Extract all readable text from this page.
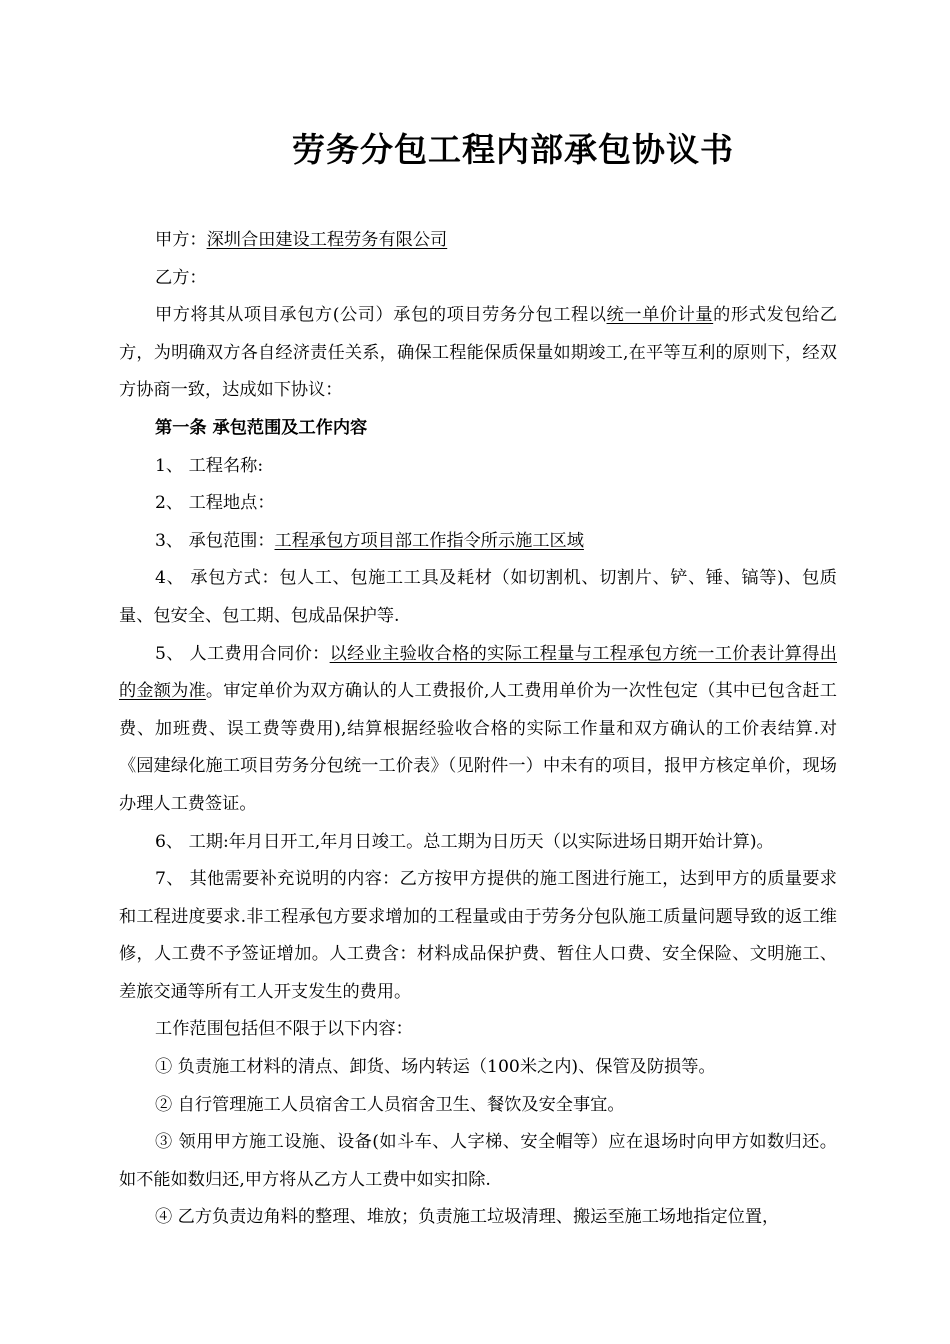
劳务分包工程内部承包协议书

甲方：深圳合田建设工程劳务有限公司

乙方：

甲方将其从项目承包方(公司）承包的项目劳务分包工程以统一单价计量的形式发包给乙方，为明确双方各自经济责任关系，确保工程能保质保量如期竣工,在平等互利的原则下，经双方协商一致，达成如下协议：

第一条 承包范围及工作内容

1、 工程名称:

2、 工程地点：

3、 承包范围：工程承包方项目部工作指令所示施工区域

4、 承包方式：包人工、包施工工具及耗材（如切割机、切割片、铲、锤、镐等)、包质量、包安全、包工期、包成品保护等.

5、 人工费用合同价：以经业主验收合格的实际工程量与工程承包方统一工价表计算得出的金额为准。审定单价为双方确认的人工费报价,人工费用单价为一次性包定（其中已包含赶工费、加班费、误工费等费用),结算根据经验收合格的实际工作量和双方确认的工价表结算.对《园建绿化施工项目劳务分包统一工价表》（见附件一）中未有的项目，报甲方核定单价，现场办理人工费签证。

6、 工期:年月日开工,年月日竣工。总工期为日历天（以实际进场日期开始计算)。

7、 其他需要补充说明的内容：乙方按甲方提供的施工图进行施工，达到甲方的质量要求和工程进度要求.非工程承包方要求增加的工程量或由于劳务分包队施工质量问题导致的返工维修，人工费不予签证增加。人工费含：材料成品保护费、暂住人口费、安全保险、文明施工、差旅交通等所有工人开支发生的费用。

工作范围包括但不限于以下内容：

① 负责施工材料的清点、卸货、场内转运（100米之内)、保管及防损等。

② 自行管理施工人员宿舍工人员宿舍卫生、餐饮及安全事宜。

③ 领用甲方施工设施、设备(如斗车、人字梯、安全帽等）应在退场时向甲方如数归还。如不能如数归还,甲方将从乙方人工费中如实扣除.

④ 乙方负责边角料的整理、堆放；负责施工垃圾清理、搬运至施工场地指定位置，
